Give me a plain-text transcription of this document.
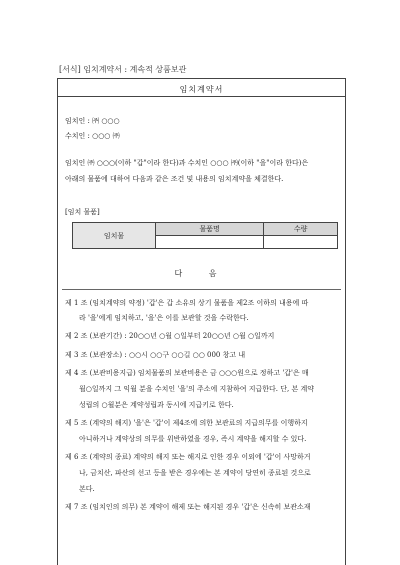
[서식] 임치계약서 : 계속적 상품보관
임치계약서
임치인 : ㈜ ○○○
수치인 : ○○○ ㈜
임치인 ㈜ ○○○(이하 "갑"이라 한다)과 수치인 ○○○ ㈜(이하 "을"이라 한다)은
아래의 물품에 대하여 다음과 같은 조건 및 내용의 임치계약을 체결한다.
[임치 물품]
임치물	물품명	수량

다 음
제 1 조 (임치계약의 약정) '갑'은 갑 소유의 상기 물품을 제2조 이하의 내용에 따
라 '을'에게 임치하고, '을'은 이를 보관할 것을 수락한다.
제 2 조 (보관기간) : 20○○년 ○월 ○일부터 20○○년 ○월 ○일까지
제 3 조 (보관장소) : ○○시 ○○구 ○○길 ○○ 000 창고 내
제 4 조 (보관비용지급) 임치물품의 보관비용은 금 ○○○원으로 정하고 '갑'은 매
월○일까지 그 익월 분을 수치인 '을'의 주소에 지참하여 지급한다. 단, 본 계약
성립의 ○월분은 계약성립과 동시에 지급키로 한다.
제 5 조 (계약의 해지) '을'은 '갑'이 제4조에 의한 보관료의 지급의무를 이행하지
아니하거나 계약상의 의무를 위반하였을 경우, 즉시 계약을 해지할 수 있다.
제 6 조 (계약의 종료) 계약의 해지 또는 해지로 인한 경우 이외에 '갑'이 사망하거
나, 금치산, 파산의 선고 등을 받은 경우에는 본 계약이 당연히 종료된 것으로
본다.
제 7 조 (임치인의 의무) 본 계약이 해제 또는 해지된 경우 '갑'은 신속히 보관소재
